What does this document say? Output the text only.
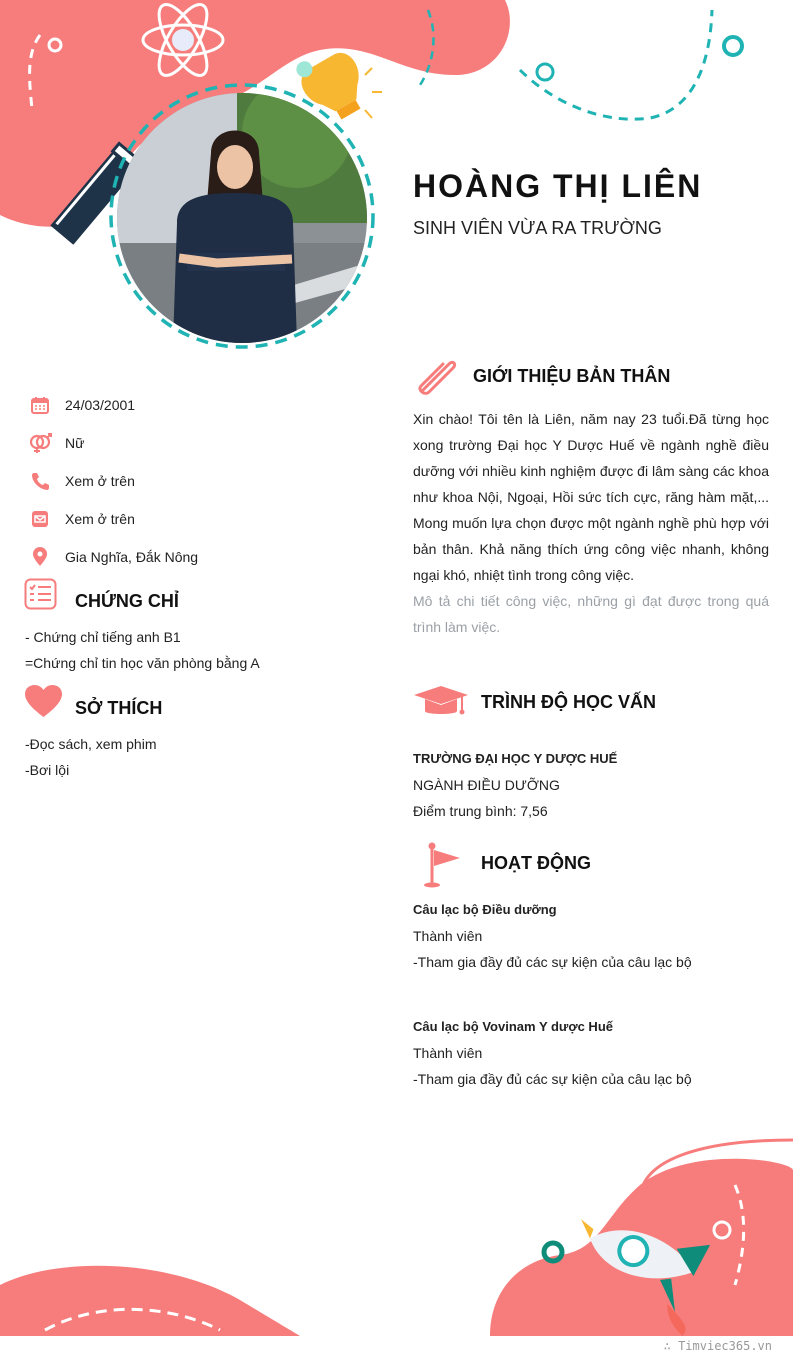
HOÀNG THỊ LIÊN
SINH VIÊN VỪA RA TRƯỜNG
24/03/2001
Nữ
Xem ở trên
Xem ở trên
Gia Nghĩa, Đắk Nông
CHỨNG CHỈ
- Chứng chỉ tiếng anh B1
=Chứng chỉ tin học văn phòng bằng A
SỞ THÍCH
-Đọc sách, xem phim
-Bơi lội
GIỚI THIỆU BẢN THÂN
Xin chào! Tôi tên là Liên, năm nay 23 tuổi.Đã từng học xong trường Đại học Y Dược Huế về ngành nghề điều dưỡng với nhiều kinh nghiệm được đi lâm sàng các khoa như khoa Nội, Ngoại, Hồi sức tích cực, răng hàm mặt,... Mong muốn lựa chọn được một ngành nghề phù hợp với bản thân. Khả năng thích ứng công việc nhanh, không ngại khó, nhiệt tình trong công việc.
Mô tả chi tiết công việc, những gì đạt được trong quá trình làm việc.
TRÌNH ĐỘ HỌC VẤN
TRƯỜNG ĐẠI HỌC Y DƯỢC HUẾ
NGÀNH ĐIỀU DƯỠNG
Điểm trung bình: 7,56
HOẠT ĐỘNG
Câu lạc bộ Điều dưỡng
Thành viên
-Tham gia đầy đủ các sự kiện của câu lạc bộ
Câu lạc bộ Vovinam Y dược Huế
Thành viên
-Tham gia đầy đủ các sự kiện của câu lạc bộ
∴ Timviec365.vn
